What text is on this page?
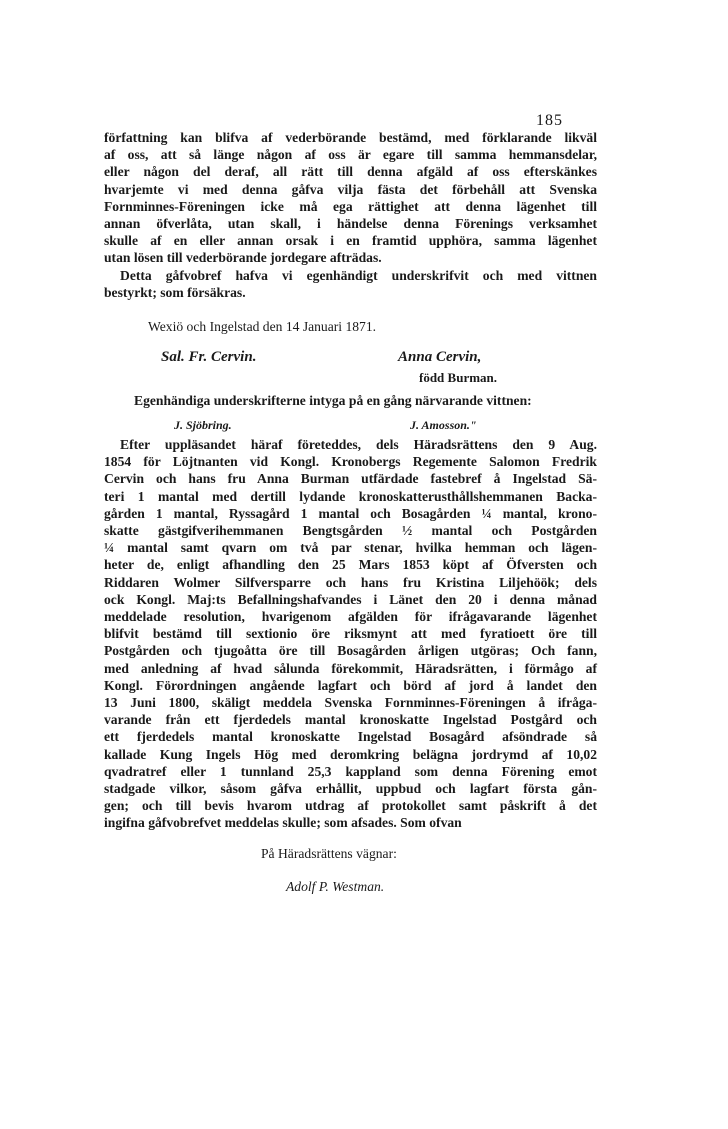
185
författning kan blifva af vederbörande bestämd, med förklarande likväl
af oss, att så länge någon af oss är egare till samma hemmansdelar,
eller någon del deraf, all rätt till denna afgäld af oss efterskänkes
hvarjemte vi med denna gåfva vilja fästa det förbehåll att Svenska
Fornminnes-Föreningen icke må ega rättighet att denna lägenhet till
annan öfverlåta, utan skall, i händelse denna Förenings verksamhet
skulle af en eller annan orsak i en framtid upphöra, samma lägenhet
utan lösen till vederbörande jordegare afträdas.
Detta gåfvobref hafva vi egenhändigt underskrifvit och med vittnen
bestyrkt; som försäkras.
Wexiö och Ingelstad den 14 Januari 1871.
Sal. Fr. Cervin.	Anna Cervin,
född Burman.
Egenhändiga underskrifterne intyga på en gång närvarande vittnen:
J. Sjöbring.	J. Amosson."
Efter uppläsandet häraf företeddes, dels Häradsrättens den 9 Aug.
1854 för Löjtnanten vid Kongl. Kronobergs Regemente Salomon Fredrik
Cervin och hans fru Anna Burman utfärdade fastebref å Ingelstad Sä-
teri 1 mantal med dertill lydande kronoskatterusthållshemmanen Backa-
gården 1 mantal, Ryssagård 1 mantal och Bosagården ¼ mantal, krono-
skatte gästgifverihemmanen Bengtsgården ½ mantal och Postgården
¼ mantal samt qvarn om två par stenar, hvilka hemman och lägen-
heter de, enligt afhandling den 25 Mars 1853 köpt af Öfversten och
Riddaren Wolmer Silfversparre och hans fru Kristina Liljehöök; dels
ock Kongl. Maj:ts Befallningshafvandes i Länet den 20 i denna månad
meddelade resolution, hvarigenom afgälden för ifrågavarande lägenhet
blifvit bestämd till sextionio öre riksmynt att med fyratioett öre till
Postgården och tjugoåtta öre till Bosagården årligen utgöras; Och fann,
med anledning af hvad sålunda förekommit, Häradsrätten, i förmågo af
Kongl. Förordningen angående lagfart och börd af jord å landet den
13 Juni 1800, skäligt meddela Svenska Fornminnes-Föreningen å ifråga-
varande från ett fjerdedels mantal kronoskatte Ingelstad Postgård och
ett fjerdedels mantal kronoskatte Ingelstad Bosagård afsöndrade så
kallade Kung Ingels Hög med deromkring belägna jordrymd af 10,02
qvadratref eller 1 tunnland 25,3 kappland som denna Förening emot
stadgade vilkor, såsom gåfva erhållit, uppbud och lagfart första gån-
gen; och till bevis hvarom utdrag af protokollet samt påskrift å det
ingifna gåfvobrefvet meddelas skulle; som afsades. Som ofvan
På Häradsrättens vägnar:
Adolf P. Westman.
